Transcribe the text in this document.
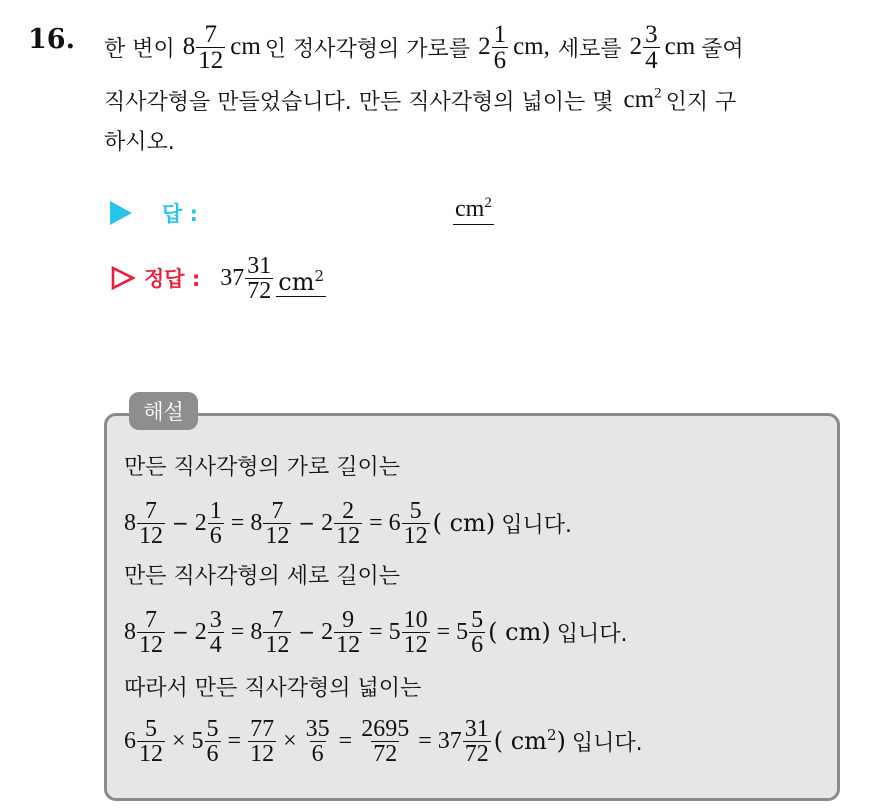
16. 한 변이 $8 \frac{7}{12}$ cm 인 정사각형의 가로를 $2 \frac{1}{6}$ cm, 세로를 $2 \frac{3}{4}$ cm 줄여
직사각형을 만들었습니다. 만든 직사각형의 넓이는 몇 $cm^2$ 인지 구
하시오.
답 :	$cm^2$
정답 : $37 \frac{31}{72} cm^2$
해설
만든 직사각형의 가로 길이는
$8 \frac{7}{12} - 2 \frac{1}{6} = 8 \frac{7}{12} - 2 \frac{2}{12} = 6 \frac{5}{12}$ ( cm) 입니다.
만든 직사각형의 세로 길이는
$8 \frac{7}{12} - 2 \frac{3}{4} = 8 \frac{7}{12} - 2 \frac{9}{12} = 5 \frac{10}{12} = 5 \frac{5}{6}$ ( cm) 입니다.
따라서 만든 직사각형의 넓이는
$6 \frac{5}{12} \times 5 \frac{5}{6} = \frac{77}{12} \times \frac{35}{6} = \frac{2695}{72} = 37 \frac{31}{72}$ ( $cm^2$) 입니다.
